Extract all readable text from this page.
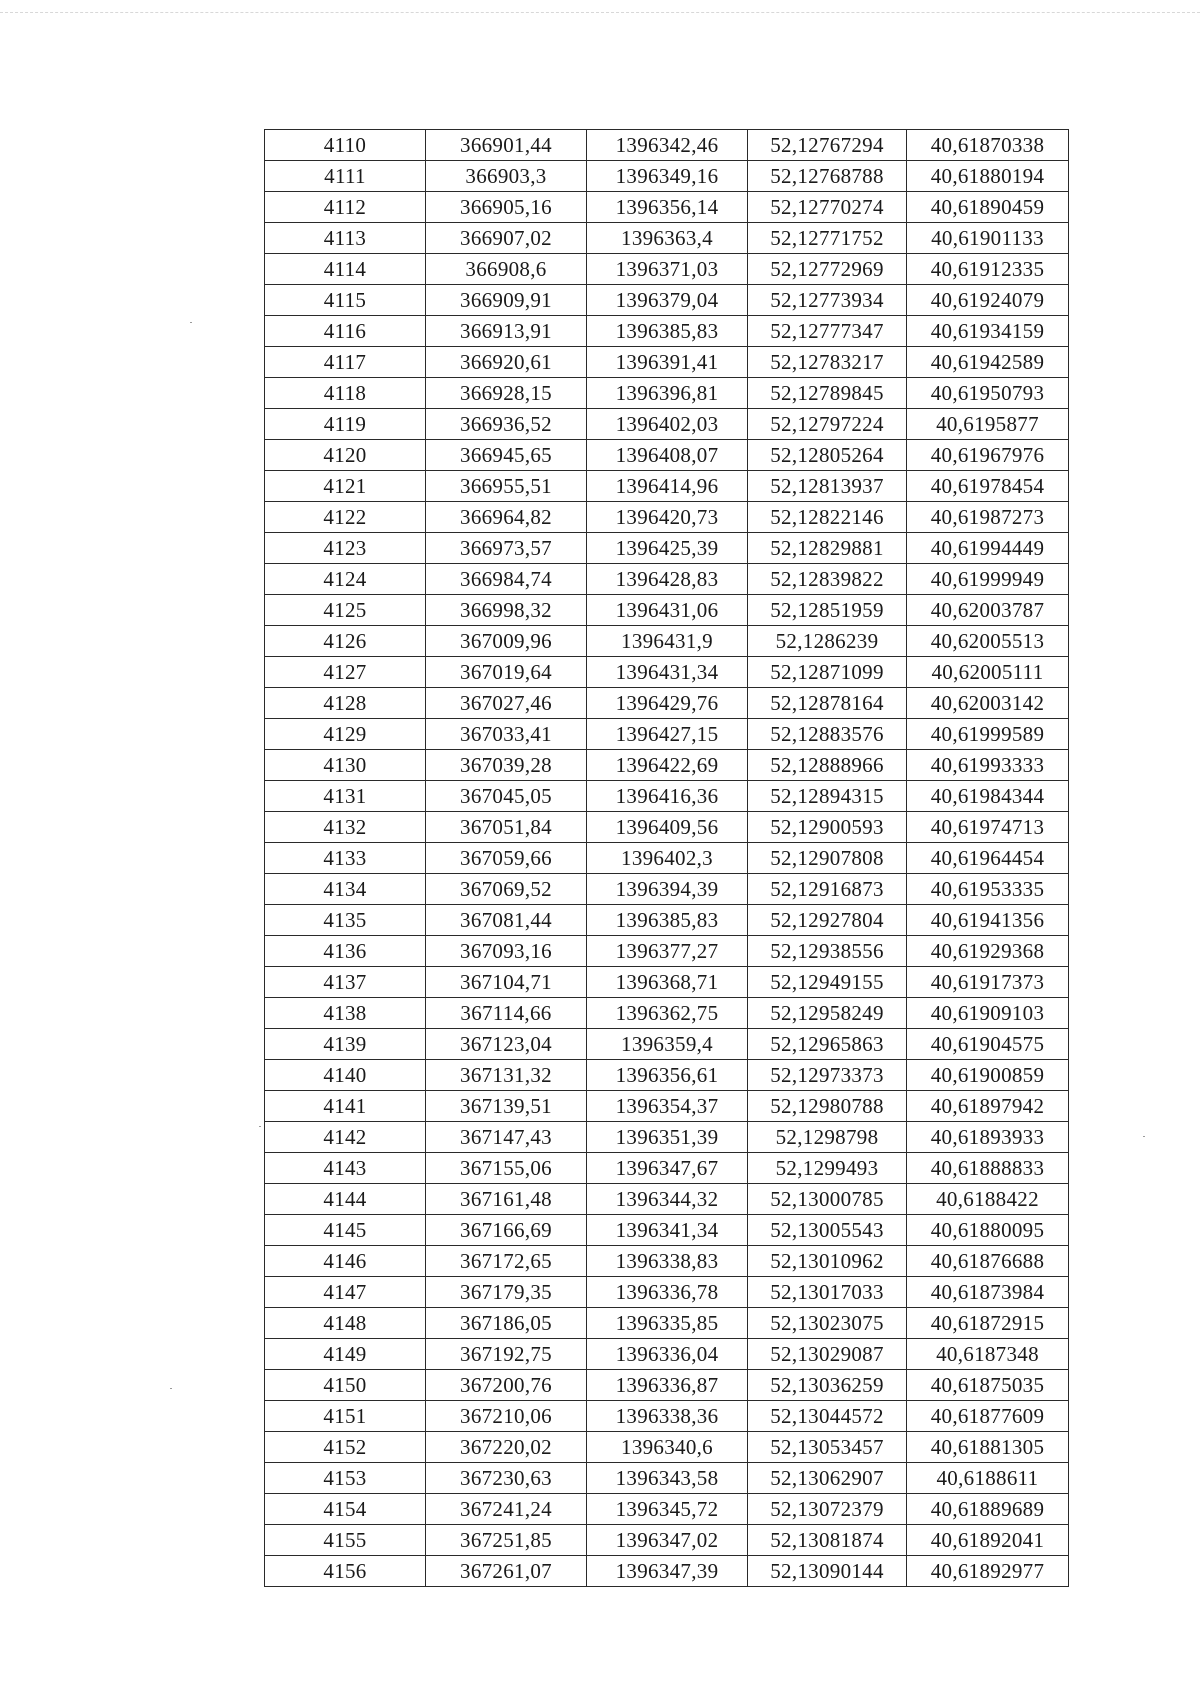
4110	366901,44	1396342,46	52,12767294	40,61870338
4111	366903,3	1396349,16	52,12768788	40,61880194
4112	366905,16	1396356,14	52,12770274	40,61890459
4113	366907,02	1396363,4	52,12771752	40,61901133
4114	366908,6	1396371,03	52,12772969	40,61912335
4115	366909,91	1396379,04	52,12773934	40,61924079
4116	366913,91	1396385,83	52,12777347	40,61934159
4117	366920,61	1396391,41	52,12783217	40,61942589
4118	366928,15	1396396,81	52,12789845	40,61950793
4119	366936,52	1396402,03	52,12797224	40,6195877
4120	366945,65	1396408,07	52,12805264	40,61967976
4121	366955,51	1396414,96	52,12813937	40,61978454
4122	366964,82	1396420,73	52,12822146	40,61987273
4123	366973,57	1396425,39	52,12829881	40,61994449
4124	366984,74	1396428,83	52,12839822	40,61999949
4125	366998,32	1396431,06	52,12851959	40,62003787
4126	367009,96	1396431,9	52,1286239	40,62005513
4127	367019,64	1396431,34	52,12871099	40,62005111
4128	367027,46	1396429,76	52,12878164	40,62003142
4129	367033,41	1396427,15	52,12883576	40,61999589
4130	367039,28	1396422,69	52,12888966	40,61993333
4131	367045,05	1396416,36	52,12894315	40,61984344
4132	367051,84	1396409,56	52,12900593	40,61974713
4133	367059,66	1396402,3	52,12907808	40,61964454
4134	367069,52	1396394,39	52,12916873	40,61953335
4135	367081,44	1396385,83	52,12927804	40,61941356
4136	367093,16	1396377,27	52,12938556	40,61929368
4137	367104,71	1396368,71	52,12949155	40,61917373
4138	367114,66	1396362,75	52,12958249	40,61909103
4139	367123,04	1396359,4	52,12965863	40,61904575
4140	367131,32	1396356,61	52,12973373	40,61900859
4141	367139,51	1396354,37	52,12980788	40,61897942
4142	367147,43	1396351,39	52,1298798	40,61893933
4143	367155,06	1396347,67	52,1299493	40,61888833
4144	367161,48	1396344,32	52,13000785	40,6188422
4145	367166,69	1396341,34	52,13005543	40,61880095
4146	367172,65	1396338,83	52,13010962	40,61876688
4147	367179,35	1396336,78	52,13017033	40,61873984
4148	367186,05	1396335,85	52,13023075	40,61872915
4149	367192,75	1396336,04	52,13029087	40,6187348
4150	367200,76	1396336,87	52,13036259	40,61875035
4151	367210,06	1396338,36	52,13044572	40,61877609
4152	367220,02	1396340,6	52,13053457	40,61881305
4153	367230,63	1396343,58	52,13062907	40,6188611
4154	367241,24	1396345,72	52,13072379	40,61889689
4155	367251,85	1396347,02	52,13081874	40,61892041
4156	367261,07	1396347,39	52,13090144	40,61892977
